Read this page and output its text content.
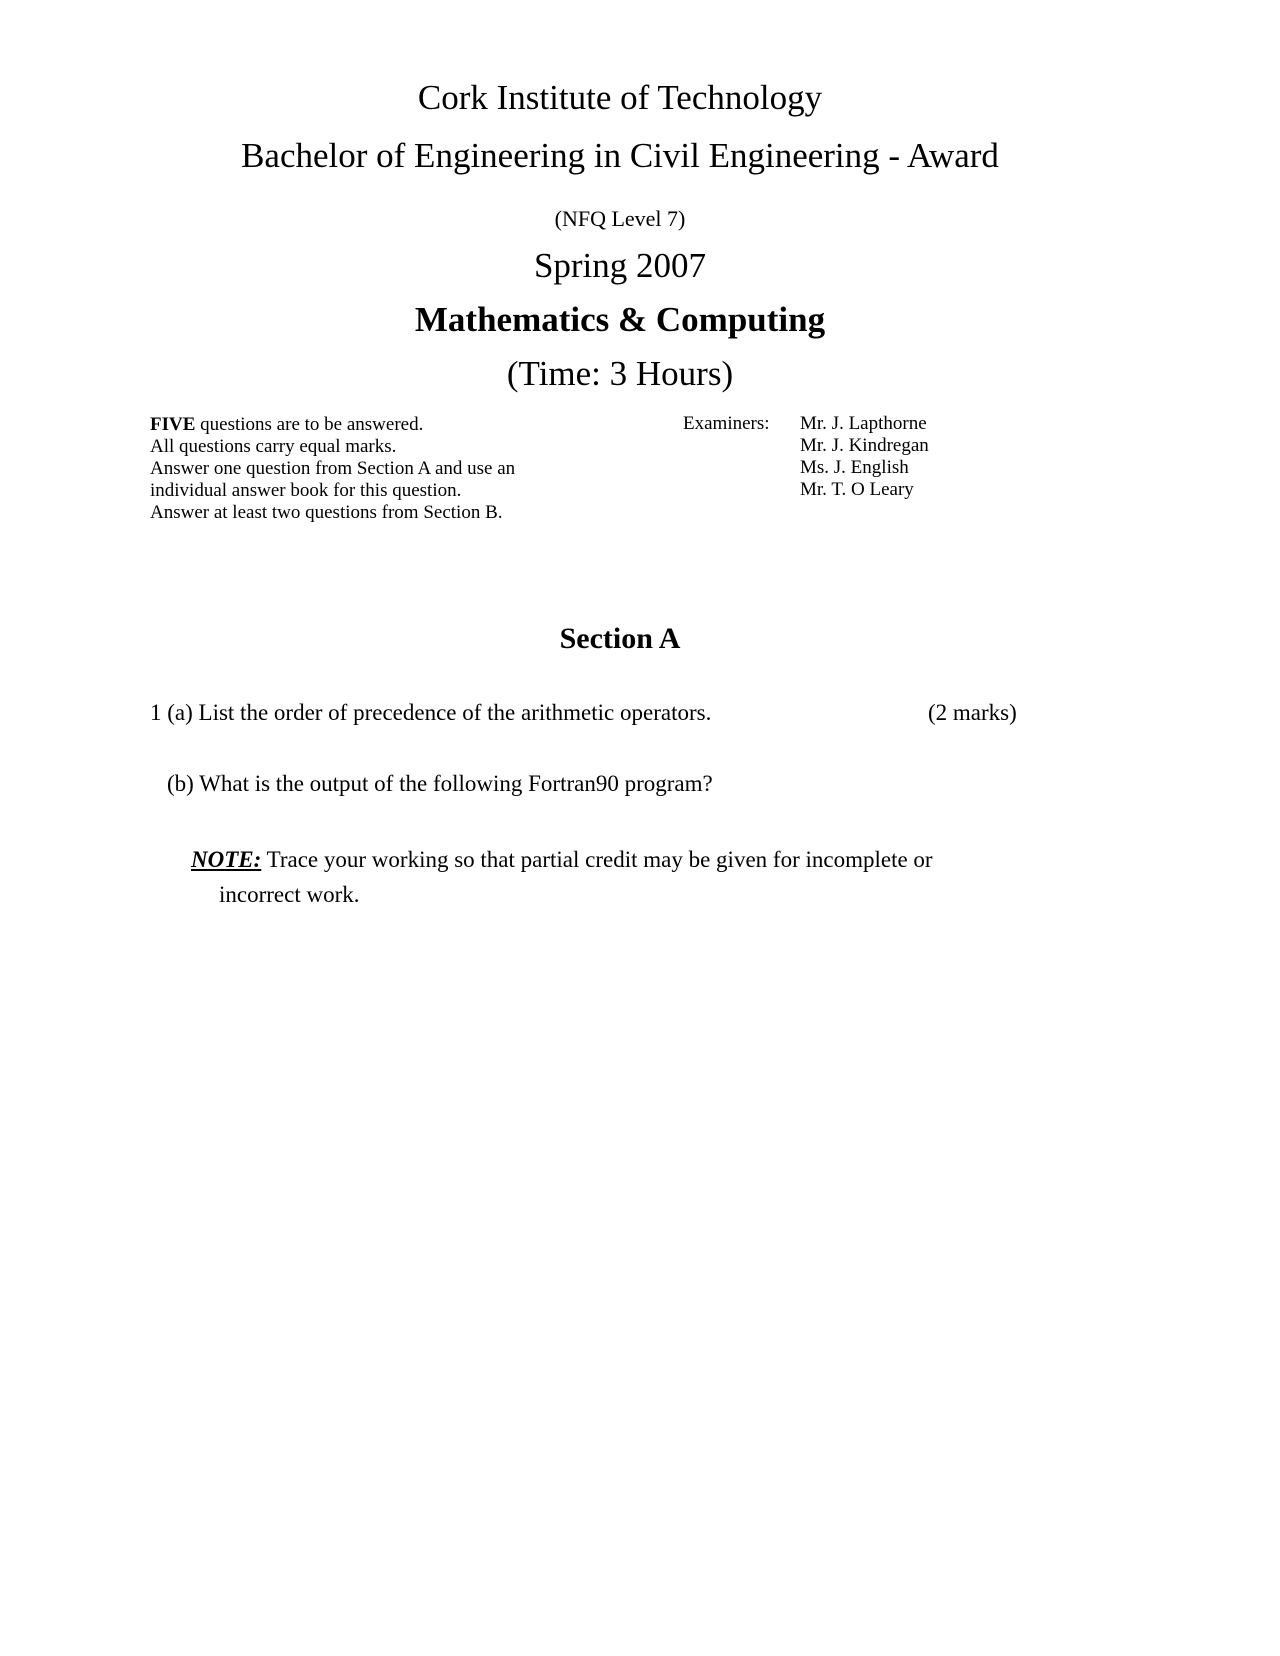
Cork Institute of Technology
Bachelor of Engineering in Civil Engineering - Award
(NFQ Level 7)
Spring 2007
Mathematics & Computing
(Time: 3 Hours)
FIVE questions are to be answered.
All questions carry equal marks.
Answer one question from Section A and use an
individual answer book for this question.
Answer at least two questions from Section B.
Examiners: Mr. J. Lapthorne
Mr. J. Kindregan
Ms. J. English
Mr. T. O Leary
Section A
1 (a) List the order of precedence of the arithmetic operators.	(2 marks)
(b) What is the output of the following Fortran90 program?
NOTE: Trace your working so that partial credit may be given for incomplete or
incorrect work.
